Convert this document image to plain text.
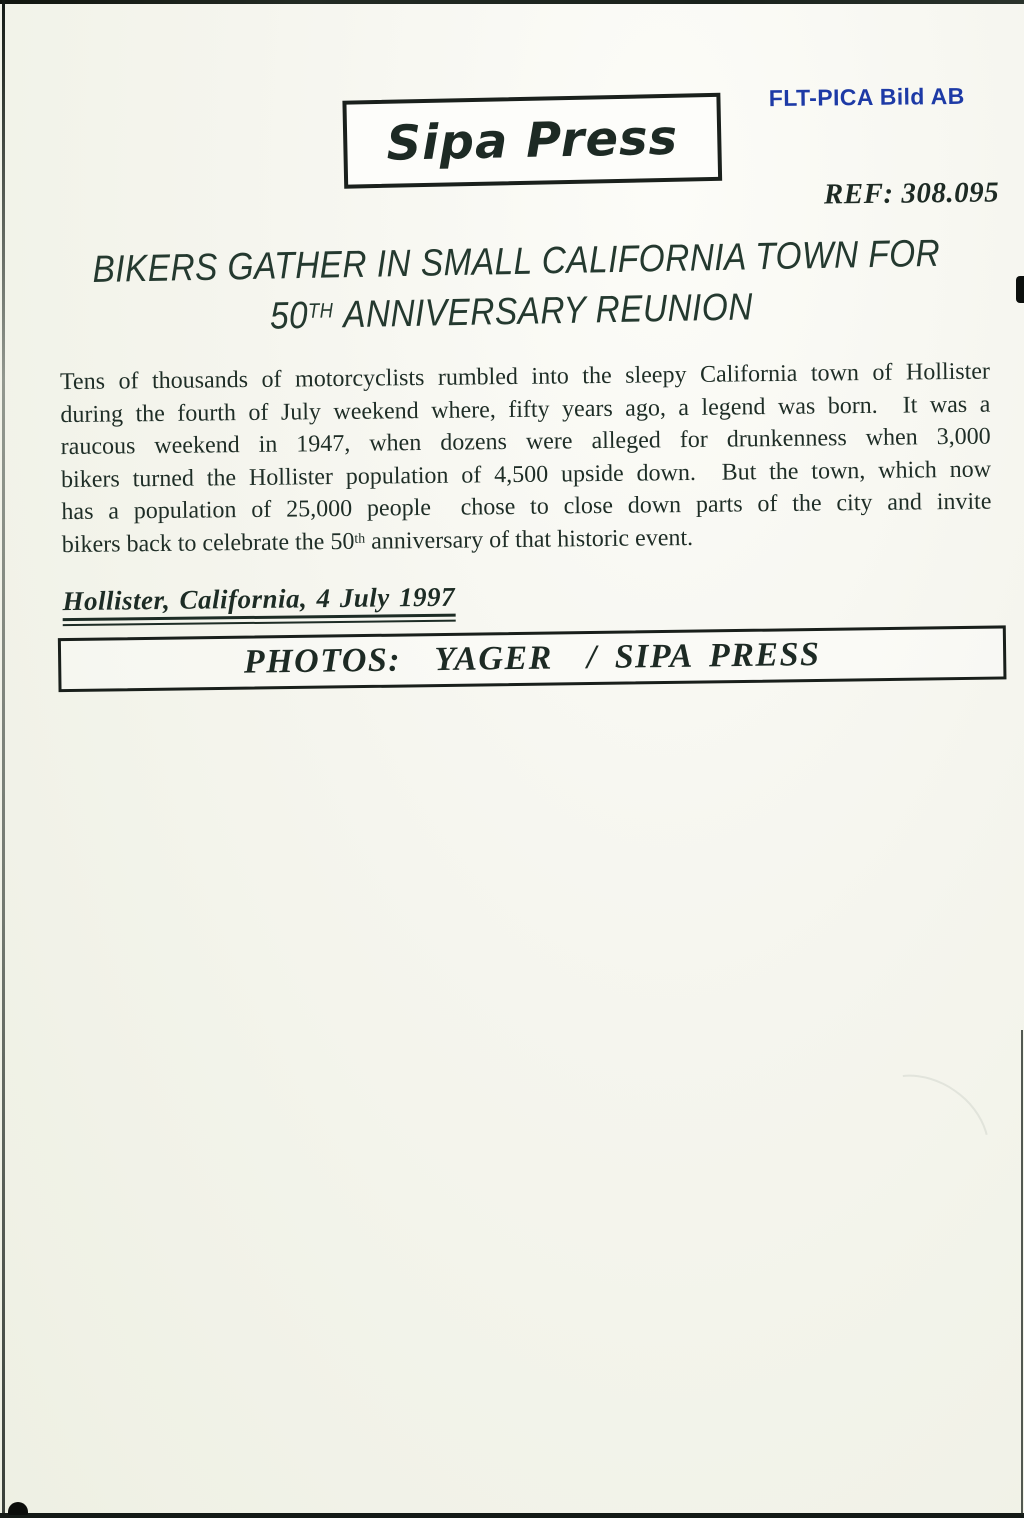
Sipa Press
FLT-PICA Bild AB
REF: 308.095
BIKERS GATHER IN SMALL CALIFORNIA TOWN FOR
50TH ANNIVERSARY REUNION
Tens of thousands of motorcyclists rumbled into the sleepy California town of Hollister
during the fourth of July weekend where, fifty years ago, a legend was born.  It was a
raucous weekend in 1947, when dozens were alleged for drunkenness when 3,000
bikers turned the Hollister population of 4,500 upside down.  But the town, which now
has a population of 25,000 people  chose to close down parts of the city and invite
bikers back to celebrate the 50th anniversary of that historic event.
Hollister, California, 4 July 1997
PHOTOS:  YAGER  / SIPA PRESS
